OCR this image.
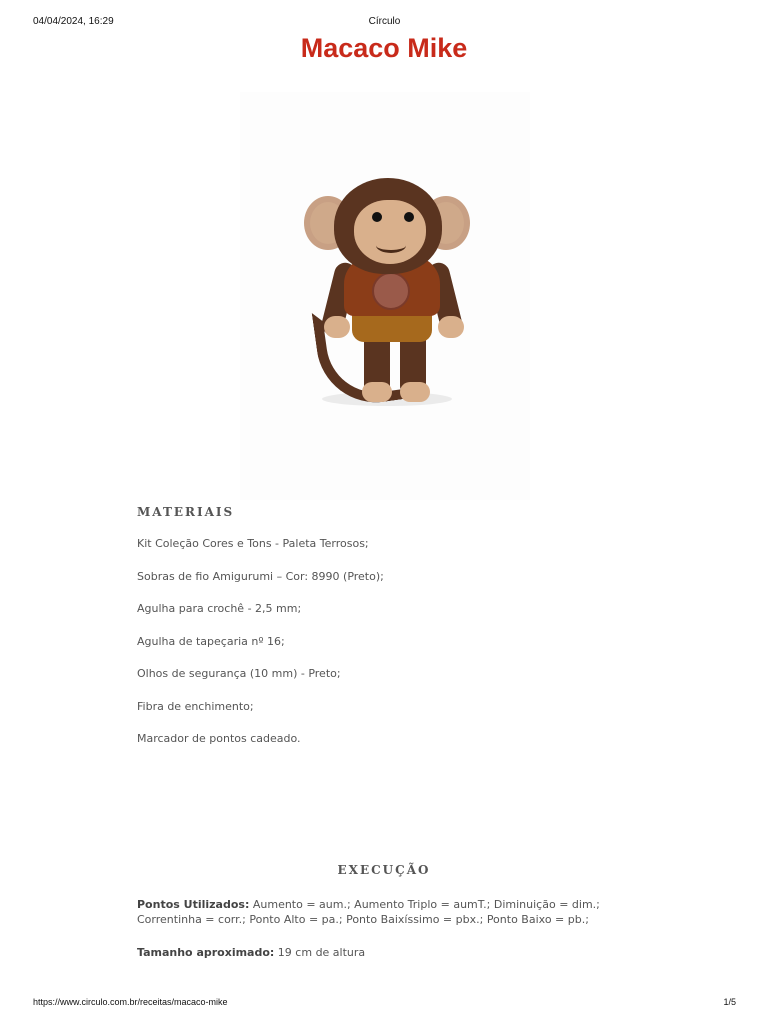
04/04/2024, 16:29	Círculo
Macaco Mike
MATERIAIS
Kit Coleção Cores e Tons - Paleta Terrosos;
Sobras de fio Amigurumi – Cor: 8990 (Preto);
Agulha para crochê - 2,5 mm;
Agulha de tapeçaria nº 16;
Olhos de segurança (10 mm) - Preto;
Fibra de enchimento;
Marcador de pontos cadeado.
EXECUÇÃO

Pontos Utilizados: Aumento = aum.; Aumento Triplo = aumT.; Diminuição = dim.; Correntinha = corr.; Ponto Alto = pa.; Ponto Baixíssimo = pbx.; Ponto Baixo = pb.;

Tamanho aproximado: 19 cm de altura

https://www.circulo.com.br/receitas/macaco-mike	1/5
